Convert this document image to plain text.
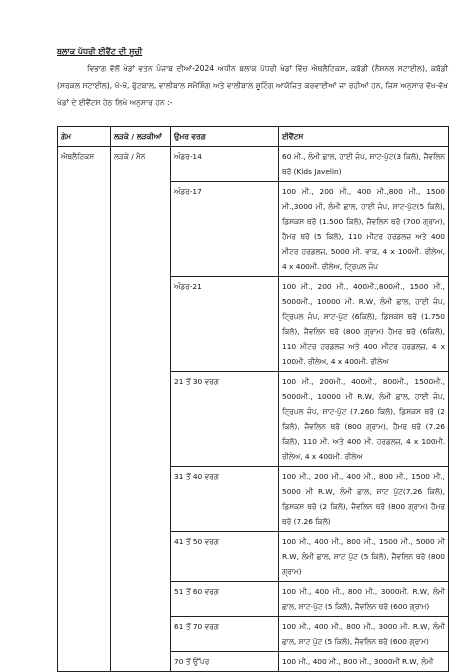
ਬਲਾਕ ਪੱਧਰੀ ਈਵੈਂਟ ਦੀ ਸੂਚੀ

ਵਿਭਾਗ ਵੱਲੋਂ ਖੇਡਾਂ ਵਤਨ ਪੰਜਾਬ ਦੀਆਂ-2024 ਅਧੀਨ ਬਲਾਕ ਪੱਧਰੀ ਖੇਡਾਂ ਵਿੱਚ ਐਥਲੈਟਿਕਸ, ਕਬੱਡੀ (ਨੈਸ਼ਨਲ ਸਟਾਈਲ), ਕਬੱਡੀ (ਸਰਕਲ ਸਟਾਈਲ), ਖੋ-ਖੋ, ਫੁੱਟਬਾਲ, ਵਾਲੀਬਾਲ ਸਮੈਸ਼ਿੰਗ ਅਤੇ ਵਾਲੀਬਾਲ ਸ਼ੂਟਿੰਗ ਆਯੋਜਿਤ ਕਰਵਾਈਆਂ ਜਾ ਰਹੀਆਂ ਹਨ, ਜਿਸ ਅਨੁਸਾਰ ਵੱਖ-ਵੱਖ ਖੇਡਾਂ ਦੇ ਈਵੈਂਟਸ ਹੇਠ ਲਿਖੇ ਅਨੁਸਾਰ ਹਨ :-

ਗੇਮ	ਲੜਕੇ / ਲੜਕੀਆਂ	ਉਮਰ ਵਰਗ	ਈਵੈਂਟਸ
ਐਥਲੈਟਿਕਸ	ਲੜਕੇ / ਮੈਨ	ਅੰਡਰ-14	60 ਮੀ., ਲੰਮੀ ਛਾਲ, ਹਾਈ ਜੰਪ, ਸ਼ਾਟ-ਪੁੱਟ(3 ਕਿਲੋ), ਜੈਵਲਿਨ ਥਰੋ (Kids Javelin)
		ਅੰਡਰ-17	100 ਮੀ., 200 ਮੀ., 400 ਮੀ.,800 ਮੀ., 1500 ਮੀ.,3000 ਮੀ, ਲੰਮੀ ਛਾਲ, ਹਾਈ ਜੰਪ, ਸ਼ਾਟ-ਪੁੱਟ(5 ਕਿਲੋ), ਡਿਸਕਸ ਥਰੋ (1.500 ਕਿਲੋ), ਜੈਵਲਿਨ ਥਰੋ (700 ਗ੍ਰਾਮ), ਹੈਮਰ ਥਰੋ (5 ਕਿਲੋ), 110 ਮੀਟਰ ਹਰਡਲਜ਼ ਅਤੇ 400 ਮੀਟਰ ਹਰਡਲਜ਼, 5000 ਮੀ. ਵਾਕ, 4 x 100ਮੀ. ਰੀਲੇਅ, 4 x 400ਮੀ. ਰੀਲੇਅ, ਟ੍ਰਿਪਲ ਜੰਪ
		ਅੰਡਰ-21	100 ਮੀ., 200 ਮੀ., 400ਮੀ.,800ਮੀ., 1500 ਮੀ., 5000ਮੀ., 10000 ਮੀ. R.W, ਲੰਮੀ ਛਾਲ, ਹਾਈ ਜੰਪ, ਟ੍ਰਿਪਲ ਜੰਪ, ਸ਼ਾਟ-ਪੁੱਟ (6ਕਿਲੋ), ਡਿਸਕਸ ਥਰੋ (1.750 ਕਿਲੋ), ਜੈਵਲਿਨ ਥਰੋ (800 ਗ੍ਰਾਮ) ਹੈਮਰ ਥਰੋ (6ਕਿਲੋ), 110 ਮੀਟਰ ਹਰਡਲਜ਼ ਅਤੇ 400 ਮੀਟਰ ਹਰਡਲਜ਼, 4 x 100ਮੀ. ਰੀਲੇਅ, 4 x 400ਮੀ. ਰੀਲੇਅ
		21 ਤੋਂ 30 ਵਰਗ	100 ਮੀ., 200ਮੀ., 400ਮੀ., 800ਮੀ., 1500ਮੀ., 5000ਮੀ., 10000 ਮੀ R.W, ਲੰਮੀ ਛਾਲ, ਹਾਈ ਜੰਪ, ਟ੍ਰਿਪਲ ਜੰਪ, ਸ਼ਾਟ-ਪੁੱਟ (7.260 ਕਿਲੋ), ਡਿਸਕਸ ਥਰੋ (2 ਕਿਲੋ), ਜੈਵਲਿਨ ਥਰੋ (800 ਗ੍ਰਾਮ), ਹੈਮਰ ਥਰੋ (7.26 ਕਿਲੋ), 110 ਮੀ. ਅਤੇ 400 ਮੀ. ਹਰਡਲਜ਼, 4 x 100ਮੀ. ਰੀਲੇਅ, 4 x 400ਮੀ. ਰੀਲੇਅ
		31 ਤੋਂ 40 ਵਰਗ	100 ਮੀ., 200 ਮੀ., 400 ਮੀ., 800 ਮੀ., 1500 ਮੀ., 5000 ਮੀ R.W, ਲੰਮੀ ਛਾਲ, ਸ਼ਾਟ ਪੁੱਟ(7.26 ਕਿਲੋ), ਡਿਸਕਸ ਥਰੋ (2 ਕਿਲੋ), ਜੈਵਲਿਨ ਥਰੋ (800 ਗ੍ਰਾਮ) ਹੈਮਰ ਥਰੋ (7.26 ਕਿਲੋ)
		41 ਤੋਂ 50 ਵਰਗ	100 ਮੀ., 400 ਮੀ., 800 ਮੀ., 1500 ਮੀ., 5000 ਮੀ R.W, ਲੰਮੀ ਛਾਲ, ਸ਼ਾਟ ਪੁੱਟ (5 ਕਿਲੋ), ਜੈਵਲਿਨ ਥਰੋ (800 ਗ੍ਰਾਮ)
		51 ਤੋਂ 60 ਵਰਗ	100 ਮੀ., 400 ਮੀ., 800 ਮੀ., 3000ਮੀ. R.W, ਲੰਮੀ ਛਾਲ, ਸ਼ਾਟ-ਪੁੱਟ (5 ਕਿਲੋ), ਜੈਵਲਿਨ ਥਰੋ (600 ਗ੍ਰਾਮ)
		61 ਤੋਂ 70 ਵਰਗ	100 ਮੀ., 400 ਮੀ., 800 ਮੀ., 3000 ਮੀ. R.W, ਲੰਮੀ ਛਾਲ, ਸ਼ਾਟ ਪੁੱਟ (5 ਕਿਲੋ), ਜੈਵਲਿਨ ਥਰੋ (600 ਗ੍ਰਾਮ)
		70 ਤੋਂ ਉੱਪਰ	100 ਮੀ., 400 ਮੀ., 800 ਮੀ., 3000ਮੀ R.W, ਲੰਮੀ
